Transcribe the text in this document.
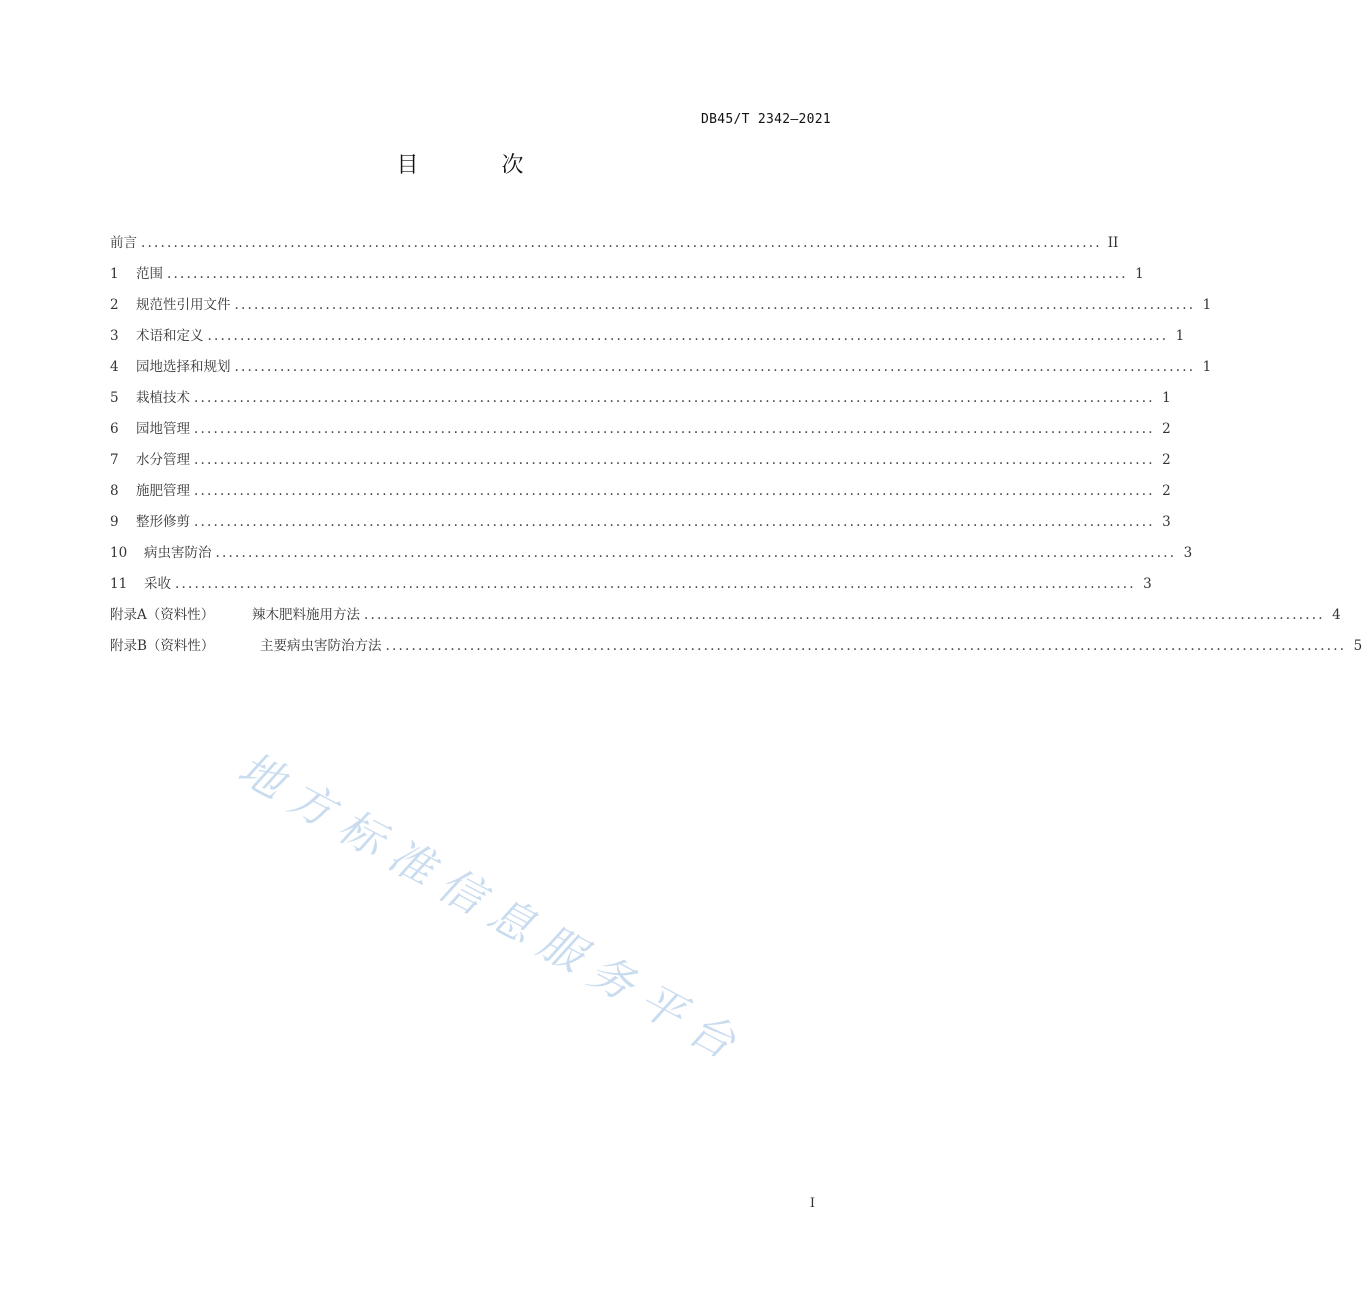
DB45/T 2342—2021
目 次
前言 .................................................................................................................................................... II
1	范围 .................................................................................................................................................... 1
2	规范性引用文件 .................................................................................................................................................... 1
3	术语和定义 .................................................................................................................................................... 1
4	园地选择和规划 .................................................................................................................................................... 1
5	栽植技术 .................................................................................................................................................... 1
6	园地管理 .................................................................................................................................................... 2
7	水分管理 .................................................................................................................................................... 2
8	施肥管理 .................................................................................................................................................... 2
9	整形修剪 .................................................................................................................................................... 3
10	病虫害防治 .................................................................................................................................................... 3
11	采收 .................................................................................................................................................... 3
附录A（资料性）	辣木肥料施用方法 .................................................................................................................................................... 4
附录B（资料性）	主要病虫害防治方法 .................................................................................................................................................... 5
地
方
标
准
信
息
服
务
平
台
I
